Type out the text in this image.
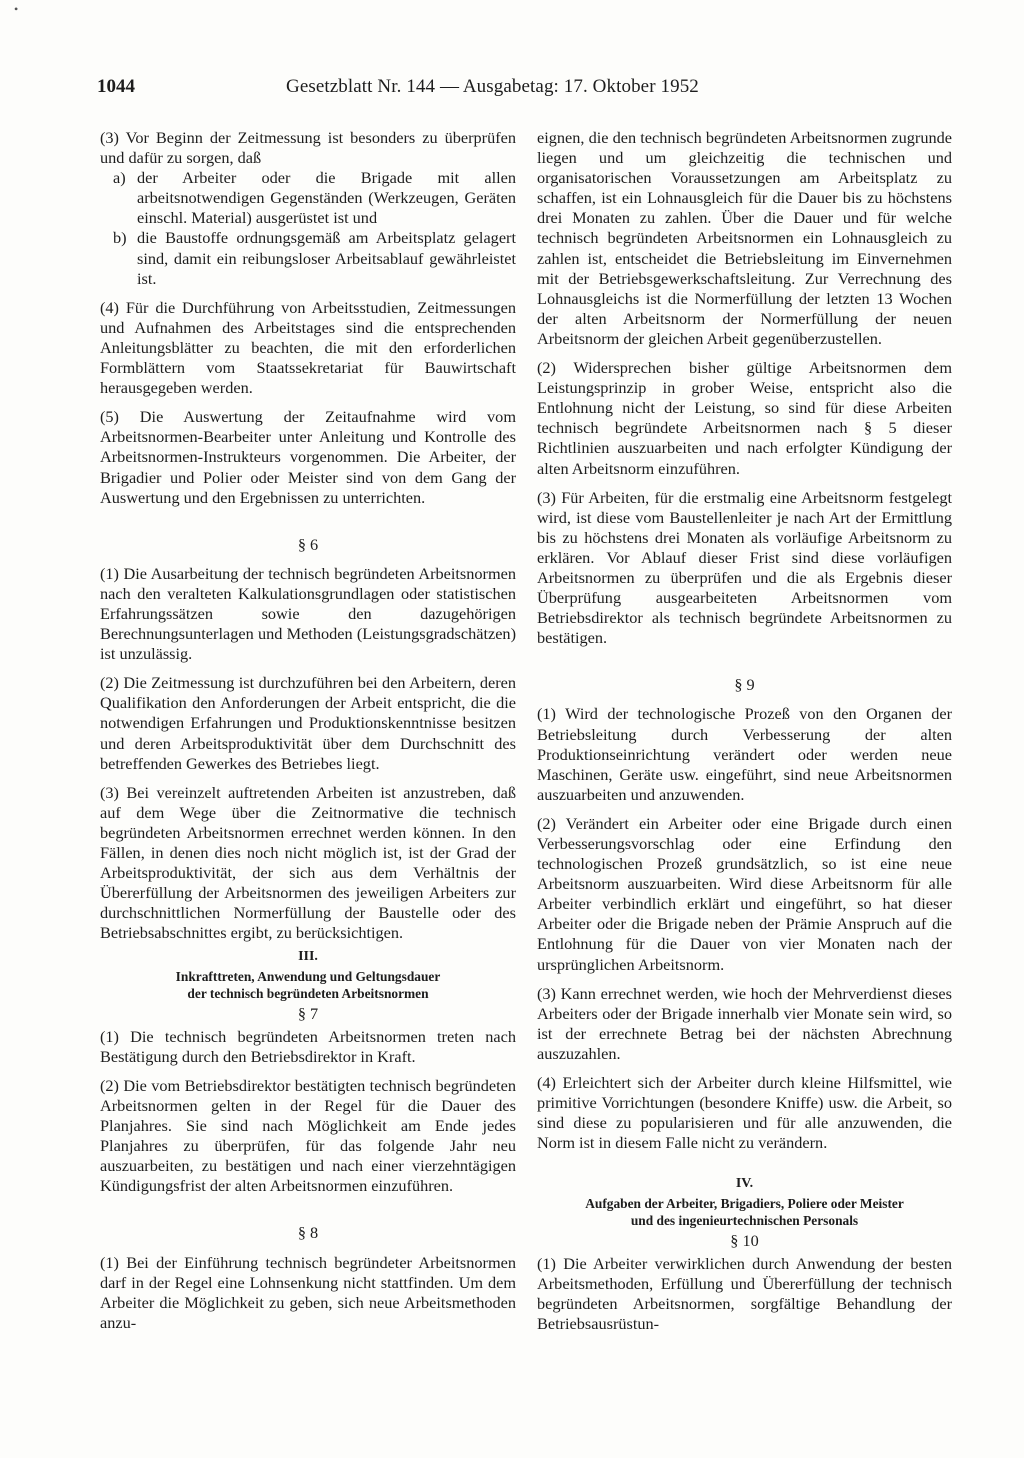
•
1044	Gesetzblatt Nr. 144 — Ausgabetag: 17. Oktober 1952

(3) Vor Beginn der Zeitmessung ist besonders zu überprüfen und dafür zu sorgen, daß

a) der Arbeiter oder die Brigade mit allen arbeitsnotwendigen Gegenständen (Werkzeugen, Geräten einschl. Material) ausgerüstet ist und
b) die Baustoffe ordnungsgemäß am Arbeitsplatz gelagert sind, damit ein reibungsloser Arbeitsablauf gewährleistet ist.

(4) Für die Durchführung von Arbeitsstudien, Zeitmessungen und Aufnahmen des Arbeitstages sind die entsprechenden Anleitungsblätter zu beachten, die mit den erforderlichen Formblättern vom Staatssekretariat für Bauwirtschaft herausgegeben werden.

(5) Die Auswertung der Zeitaufnahme wird vom Arbeitsnormen-Bearbeiter unter Anleitung und Kontrolle des Arbeitsnormen-Instrukteurs vorgenommen. Die Arbeiter, der Brigadier und Polier oder Meister sind von dem Gang der Auswertung und den Ergebnissen zu unterrichten.

§ 6

(1) Die Ausarbeitung der technisch begründeten Arbeitsnormen nach den veralteten Kalkulationsgrundlagen oder statistischen Erfahrungssätzen sowie den dazugehörigen Berechnungsunterlagen und Methoden (Leistungsgradschätzen) ist unzulässig.

(2) Die Zeitmessung ist durchzuführen bei den Arbeitern, deren Qualifikation den Anforderungen der Arbeit entspricht, die die notwendigen Erfahrungen und Produktionskenntnisse besitzen und deren Arbeitsproduktivität über dem Durchschnitt des betreffenden Gewerkes des Betriebes liegt.

(3) Bei vereinzelt auftretenden Arbeiten ist anzustreben, daß auf dem Wege über die Zeitnormative die technisch begründeten Arbeitsnormen errechnet werden können. In den Fällen, in denen dies noch nicht möglich ist, ist der Grad der Arbeitsproduktivität, der sich aus dem Verhältnis der Übererfüllung der Arbeitsnormen des jeweiligen Arbeiters zur durchschnittlichen Normerfüllung der Baustelle oder des Betriebsabschnittes ergibt, zu berücksichtigen.

III.
Inkrafttreten, Anwendung und Geltungsdauer
der technisch begründeten Arbeitsnormen

§ 7

(1) Die technisch begründeten Arbeitsnormen treten nach Bestätigung durch den Betriebsdirektor in Kraft.

(2) Die vom Betriebsdirektor bestätigten technisch begründeten Arbeitsnormen gelten in der Regel für die Dauer des Planjahres. Sie sind nach Möglichkeit am Ende jedes Planjahres zu überprüfen, für das folgende Jahr neu auszuarbeiten, zu bestätigen und nach einer vierzehntägigen Kündigungsfrist der alten Arbeitsnormen einzuführen.

§ 8

(1) Bei der Einführung technisch begründeter Arbeitsnormen darf in der Regel eine Lohnsenkung nicht stattfinden. Um dem Arbeiter die Möglichkeit zu geben, sich neue Arbeitsmethoden anzu-

eignen, die den technisch begründeten Arbeitsnormen zugrunde liegen und um gleichzeitig die technischen und organisatorischen Voraussetzungen am Arbeitsplatz zu schaffen, ist ein Lohnausgleich für die Dauer bis zu höchstens drei Monaten zu zahlen. Über die Dauer und für welche technisch begründeten Arbeitsnormen ein Lohnausgleich zu zahlen ist, entscheidet die Betriebsleitung im Einvernehmen mit der Betriebsgewerkschaftsleitung. Zur Verrechnung des Lohnausgleichs ist die Normerfüllung der letzten 13 Wochen der alten Arbeitsnorm der Normerfüllung der neuen Arbeitsnorm der gleichen Arbeit gegenüberzustellen.

(2) Widersprechen bisher gültige Arbeitsnormen dem Leistungsprinzip in grober Weise, entspricht also die Entlohnung nicht der Leistung, so sind für diese Arbeiten technisch begründete Arbeitsnormen nach § 5 dieser Richtlinien auszuarbeiten und nach erfolgter Kündigung der alten Arbeitsnorm einzuführen.

(3) Für Arbeiten, für die erstmalig eine Arbeitsnorm festgelegt wird, ist diese vom Baustellenleiter je nach Art der Ermittlung bis zu höchstens drei Monaten als vorläufige Arbeitsnorm zu erklären. Vor Ablauf dieser Frist sind diese vorläufigen Arbeitsnormen zu überprüfen und die als Ergebnis dieser Überprüfung ausgearbeiteten Arbeitsnormen vom Betriebsdirektor als technisch begründete Arbeitsnormen zu bestätigen.

§ 9

(1) Wird der technologische Prozeß von den Organen der Betriebsleitung durch Verbesserung der alten Produktionseinrichtung verändert oder werden neue Maschinen, Geräte usw. eingeführt, sind neue Arbeitsnormen auszuarbeiten und anzuwenden.

(2) Verändert ein Arbeiter oder eine Brigade durch einen Verbesserungsvorschlag oder eine Erfindung den technologischen Prozeß grundsätzlich, so ist eine neue Arbeitsnorm auszuarbeiten. Wird diese Arbeitsnorm für alle Arbeiter verbindlich erklärt und eingeführt, so hat dieser Arbeiter oder die Brigade neben der Prämie Anspruch auf die Entlohnung für die Dauer von vier Monaten nach der ursprünglichen Arbeitsnorm.

(3) Kann errechnet werden, wie hoch der Mehrverdienst dieses Arbeiters oder der Brigade innerhalb vier Monate sein wird, so ist der errechnete Betrag bei der nächsten Abrechnung auszuzahlen.

(4) Erleichtert sich der Arbeiter durch kleine Hilfsmittel, wie primitive Vorrichtungen (besondere Kniffe) usw. die Arbeit, so sind diese zu popularisieren und für alle anzuwenden, die Norm ist in diesem Falle nicht zu verändern.

IV.
Aufgaben der Arbeiter, Brigadiers, Poliere oder Meister
und des ingenieurtechnischen Personals

§ 10

(1) Die Arbeiter verwirklichen durch Anwendung der besten Arbeitsmethoden, Erfüllung und Übererfüllung der technisch begründeten Arbeitsnormen, sorgfältige Behandlung der Betriebsausrüstun-
